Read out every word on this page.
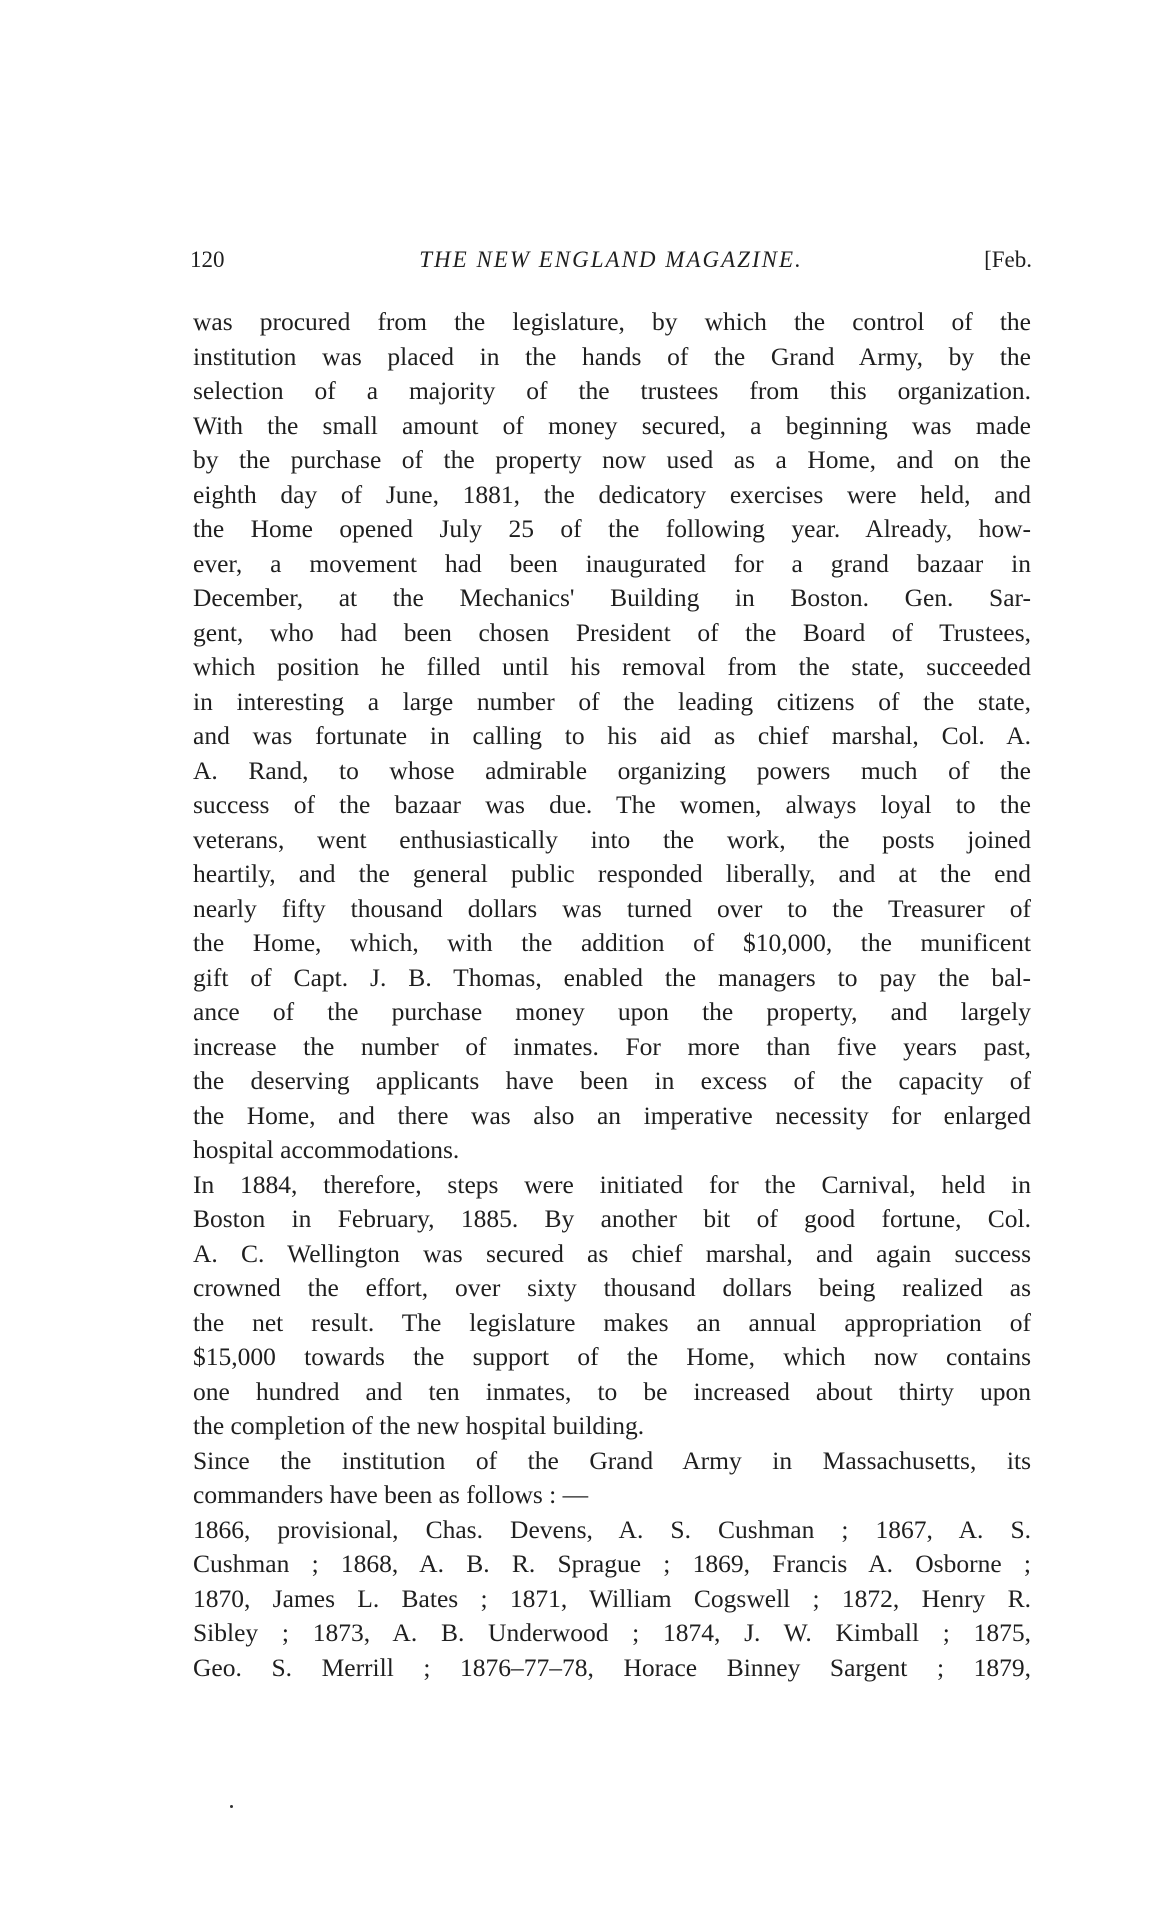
120	THE NEW ENGLAND MAGAZINE.	[Feb.
was procured from the legislature, by which the control of the
institution was placed in the hands of the Grand Army, by the
selection of a majority of the trustees from this organization.
With the small amount of money secured, a beginning was made
by the purchase of the property now used as a Home, and on the
eighth day of June, 1881, the dedicatory exercises were held, and
the Home opened July 25 of the following year. Already, how-
ever, a movement had been inaugurated for a grand bazaar in
December, at the Mechanics' Building in Boston. Gen. Sar-
gent, who had been chosen President of the Board of Trustees,
which position he filled until his removal from the state, succeeded
in interesting a large number of the leading citizens of the state,
and was fortunate in calling to his aid as chief marshal, Col. A.
A. Rand, to whose admirable organizing powers much of the
success of the bazaar was due. The women, always loyal to the
veterans, went enthusiastically into the work, the posts joined
heartily, and the general public responded liberally, and at the end
nearly fifty thousand dollars was turned over to the Treasurer of
the Home, which, with the addition of $10,000, the munificent
gift of Capt. J. B. Thomas, enabled the managers to pay the bal-
ance of the purchase money upon the property, and largely
increase the number of inmates. For more than five years past,
the deserving applicants have been in excess of the capacity of
the Home, and there was also an imperative necessity for enlarged
hospital accommodations.
In 1884, therefore, steps were initiated for the Carnival, held in
Boston in February, 1885. By another bit of good fortune, Col.
A. C. Wellington was secured as chief marshal, and again success
crowned the effort, over sixty thousand dollars being realized as
the net result. The legislature makes an annual appropriation of
$15,000 towards the support of the Home, which now contains
one hundred and ten inmates, to be increased about thirty upon
the completion of the new hospital building.
Since the institution of the Grand Army in Massachusetts, its
commanders have been as follows : —
1866, provisional, Chas. Devens, A. S. Cushman ; 1867, A. S.
Cushman ; 1868, A. B. R. Sprague ; 1869, Francis A. Osborne ;
1870, James L. Bates ; 1871, William Cogswell ; 1872, Henry R.
Sibley ; 1873, A. B. Underwood ; 1874, J. W. Kimball ; 1875,
Geo. S. Merrill ; 1876–77–78, Horace Binney Sargent ; 1879,
